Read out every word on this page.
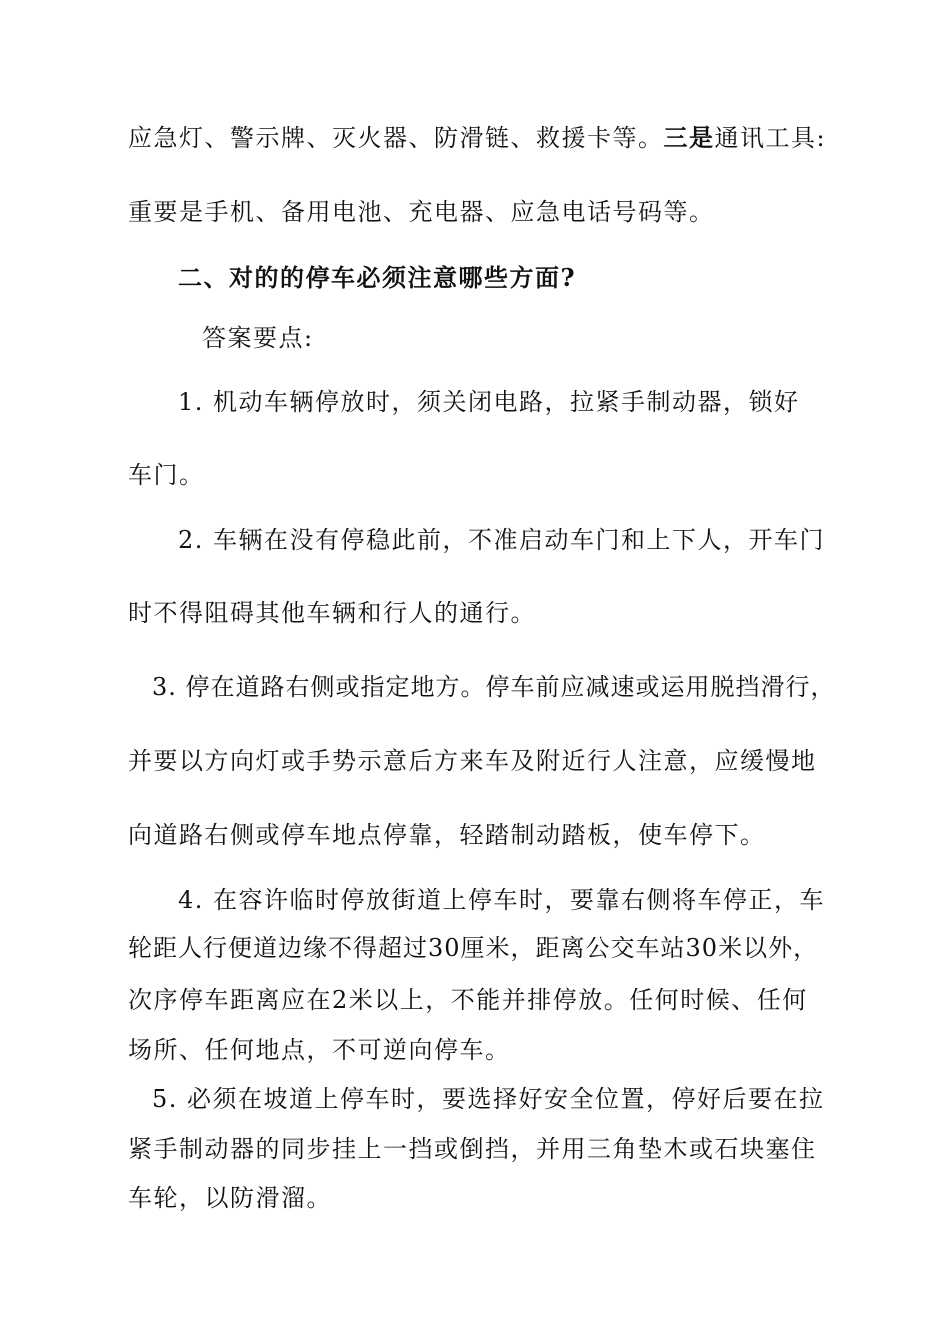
应急灯、警示牌、灭火器、防滑链、救援卡等。三是通讯工具:

重要是手机、备用电池、充电器、应急电话号码等。

二、对的的停车必须注意哪些方面?

答案要点:

1. 机动车辆停放时，须关闭电路，拉紧手制动器，锁好

车门。

2. 车辆在没有停稳此前，不准启动车门和上下人，开车门

时不得阻碍其他车辆和行人的通行。

3. 停在道路右侧或指定地方。停车前应减速或运用脱挡滑行，

并要以方向灯或手势示意后方来车及附近行人注意，应缓慢地

向道路右侧或停车地点停靠，轻踏制动踏板，使车停下。

4. 在容许临时停放街道上停车时，要靠右侧将车停正，车

轮距人行便道边缘不得超过30厘米，距离公交车站30米以外，

次序停车距离应在2米以上，不能并排停放。任何时候、任何

场所、任何地点，不可逆向停车。

5. 必须在坡道上停车时，要选择好安全位置，停好后要在拉

紧手制动器的同步挂上一挡或倒挡，并用三角垫木或石块塞住

车轮，以防滑溜。
